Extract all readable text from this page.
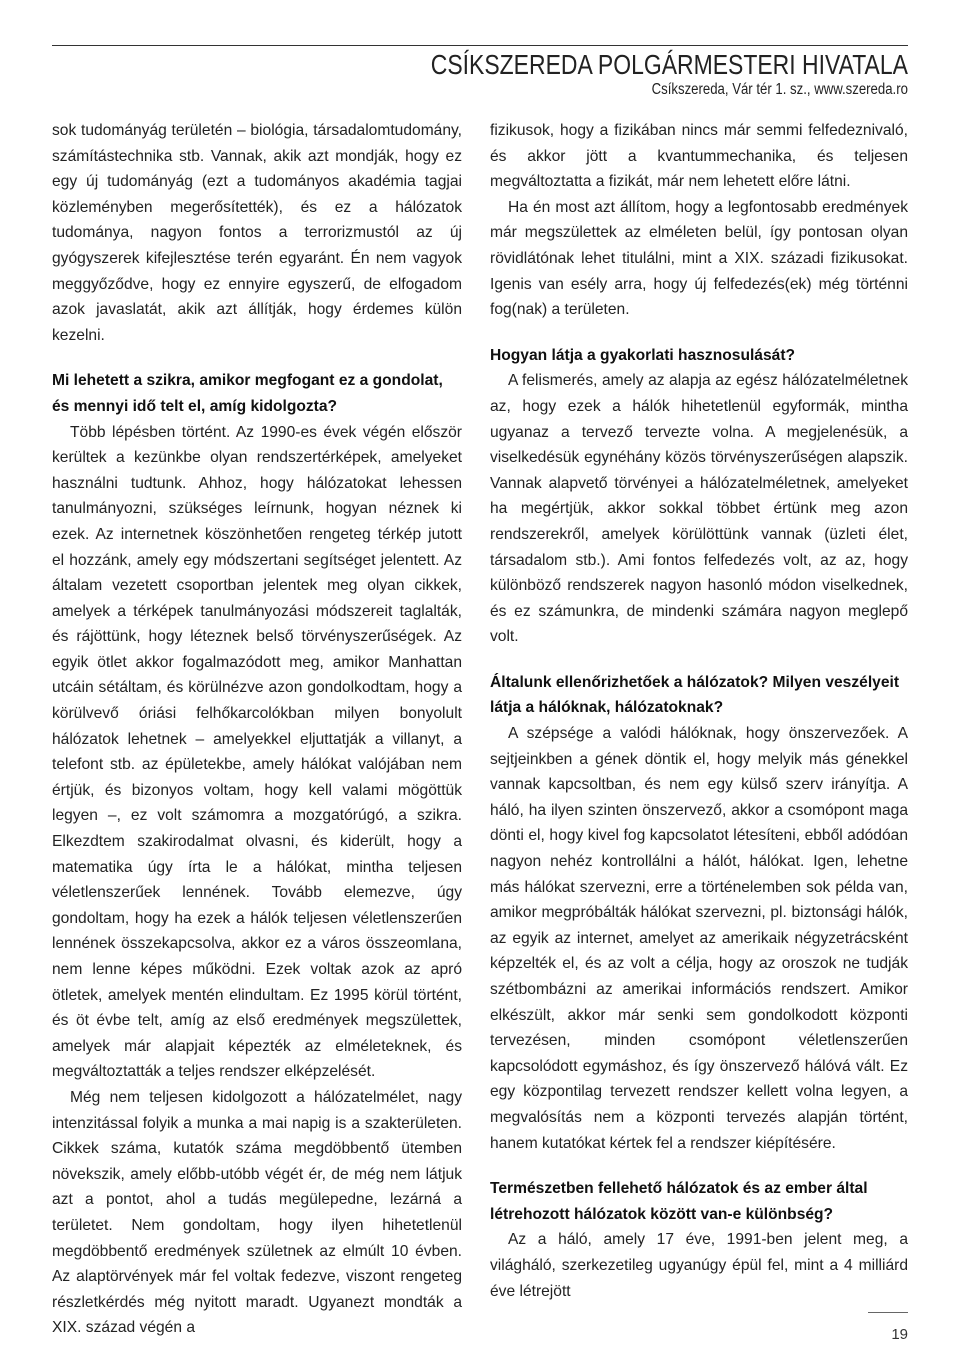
CSÍKSZEREDA POLGÁRMESTERI HIVATALA
Csíkszereda, Vár tér 1. sz., www.szereda.ro

sok tudományág területén – biológia, társadalomtudomány, számítástechnika stb. Vannak, akik azt mondják, hogy ez egy új tudományág (ezt a tudományos akadémia tagjai közleményben megerősítették), és ez a hálózatok tudománya, nagyon fontos a terrorizmustól az új gyógyszerek kifejlesztése terén egyaránt. Én nem vagyok meggyőződve, hogy ez ennyire egyszerű, de elfogadom azok javaslatát, akik azt állítják, hogy érdemes külön kezelni.

Mi lehetett a szikra, amikor megfogant ez a gondolat, és mennyi idő telt el, amíg kidolgozta?

Több lépésben történt. Az 1990-es évek végén először kerültek a kezünkbe olyan rendszertérképek, amelyeket használni tudtunk. Ahhoz, hogy hálózatokat lehessen tanulmányozni, szükséges leírnunk, hogyan néznek ki ezek. Az internetnek köszönhetően rengeteg térkép jutott el hozzánk, amely egy módszertani segítséget jelentett. Az általam vezetett csoportban jelentek meg olyan cikkek, amelyek a térképek tanulmányozási módszereit taglalták, és rájöttünk, hogy léteznek belső törvényszerűségek. Az egyik ötlet akkor fogalmazódott meg, amikor Manhattan utcáin sétáltam, és körülnézve azon gondolkodtam, hogy a körülvevő óriási felhőkarcolókban milyen bonyolult hálózatok lehetnek – amelyekkel eljuttatják a villanyt, a telefont stb. az épületekbe, amely hálókat valójában nem értjük, és bizonyos voltam, hogy kell valami mögöttük legyen –, ez volt számomra a mozgatórúgó, a szikra. Elkezdtem szakirodalmat olvasni, és kiderült, hogy a matematika úgy írta le a hálókat, mintha teljesen véletlenszerűek lennének. Tovább elemezve, úgy gondoltam, hogy ha ezek a hálók teljesen véletlenszerűen lennének összekapcsolva, akkor ez a város összeomlana, nem lenne képes működni. Ezek voltak azok az apró ötletek, amelyek mentén elindultam. Ez 1995 körül történt, és öt évbe telt, amíg az első eredmények megszülettek, amelyek már alapjait képezték az elméleteknek, és megváltoztatták a teljes rendszer elképzelését.

Még nem teljesen kidolgozott a hálózatelmélet, nagy intenzitással folyik a munka a mai napig is a szakterületen. Cikkek száma, kutatók száma megdöbbentő ütemben növekszik, amely előbb-utóbb végét ér, de még nem látjuk azt a pontot, ahol a tudás megülepedne, lezárná a területet. Nem gondoltam, hogy ilyen hihetetlenül megdöbbentő eredmények születnek az elmúlt 10 évben. Az alaptörvények már fel voltak fedezve, viszont rengeteg részletkérdés még nyitott maradt. Ugyanezt mondták a XIX. század végén a

fizikusok, hogy a fizikában nincs már semmi felfedeznivaló, és akkor jött a kvantummechanika, és teljesen megváltoztatta a fizikát, már nem lehetett előre látni.

Ha én most azt állítom, hogy a legfontosabb eredmények már megszülettek az elméleten belül, így pontosan olyan rövidlátónak lehet titulálni, mint a XIX. századi fizikusokat. Igenis van esély arra, hogy új felfedezés(ek) még történni fog(nak) a területen.

Hogyan látja a gyakorlati hasznosulását?

A felismerés, amely az alapja az egész hálózatelméletnek az, hogy ezek a hálók hihetetlenül egyformák, mintha ugyanaz a tervező tervezte volna. A megjelenésük, a viselkedésük egynéhány közös törvényszerűségen alapszik. Vannak alapvető törvényei a hálózatelméletnek, amelyeket ha megértjük, akkor sokkal többet értünk meg azon rendszerekről, amelyek körülöttünk vannak (üzleti élet, társadalom stb.). Ami fontos felfedezés volt, az az, hogy különböző rendszerek nagyon hasonló módon viselkednek, és ez számunkra, de mindenki számára nagyon meglepő volt.

Általunk ellenőrizhetőek a hálózatok? Milyen veszélyeit látja a hálóknak, hálózatoknak?

A szépsége a valódi hálóknak, hogy önszervezőek. A sejtjeinkben a gének döntik el, hogy melyik más génekkel vannak kapcsoltban, és nem egy külső szerv irányítja. A háló, ha ilyen szinten önszervező, akkor a csomópont maga dönti el, hogy kivel fog kapcsolatot létesíteni, ebből adódóan nagyon nehéz kontrollálni a hálót, hálókat. Igen, lehetne más hálókat szervezni, erre a történelemben sok példa van, amikor megpróbálták hálókat szervezni, pl. biztonsági hálók, az egyik az internet, amelyet az amerikaik négyzetrácsként képzelték el, és az volt a célja, hogy az oroszok ne tudják szétbombázni az amerikai információs rendszert. Amikor elkészült, akkor már senki sem gondolkodott központi tervezésen, minden csomópont véletlenszerűen kapcsolódott egymáshoz, és így önszervező hálóvá vált. Ez egy központilag tervezett rendszer kellett volna legyen, a megvalósítás nem a központi tervezés alapján történt, hanem kutatókat kértek fel a rendszer kiépítésére.

Természetben fellehető hálózatok és az ember által létrehozott hálózatok között van-e különbség?

Az a háló, amely 17 éve, 1991-ben jelent meg, a világháló, szerkezetileg ugyanúgy épül fel, mint a 4 milliárd éve létrejött

19
